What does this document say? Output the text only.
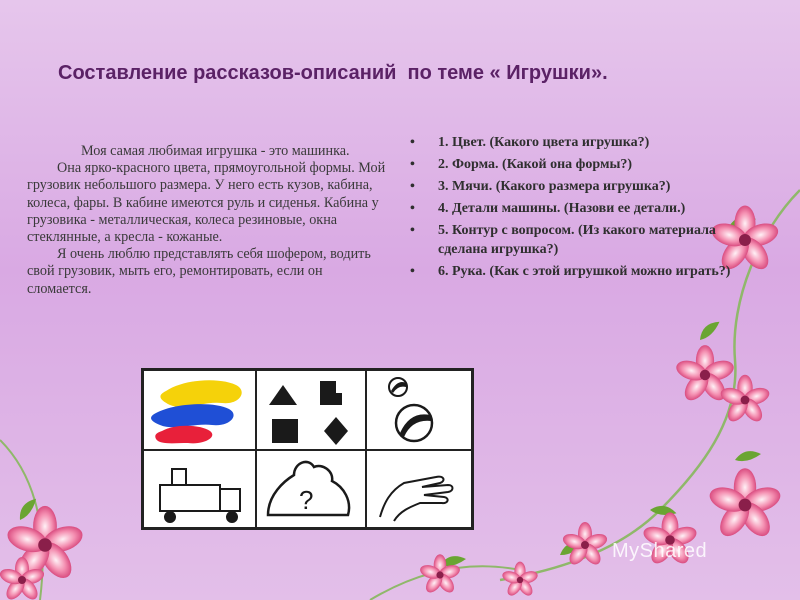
Составление рассказов-описаний  по теме « Игрушки».

Моя самая любимая игрушка - это машинка.

Она ярко-красного цвета, прямоугольной формы. Мой грузовик небольшого размера. У него есть кузов, кабина, колеса, фары. В кабине имеются руль и сиденья. Кабина у грузовика - металлическая, колеса резиновые, окна стеклянные, а кресла - кожаные.

Я очень люблю представлять себя шофером, водить свой грузовик, мыть его, ремонтировать, если он сломается.

• 1. Цвет. (Какого цвета игрушка?)
• 2. Форма. (Какой она формы?)
• 3. Мячи. (Какого размера игрушка?)
• 4. Детали машины. (Назови ее детали.)
• 5. Контур с вопросом. (Из какого материала сделана игрушка?)
• 6. Рука. (Как с этой игрушкой можно играть?)
?
MyShared
